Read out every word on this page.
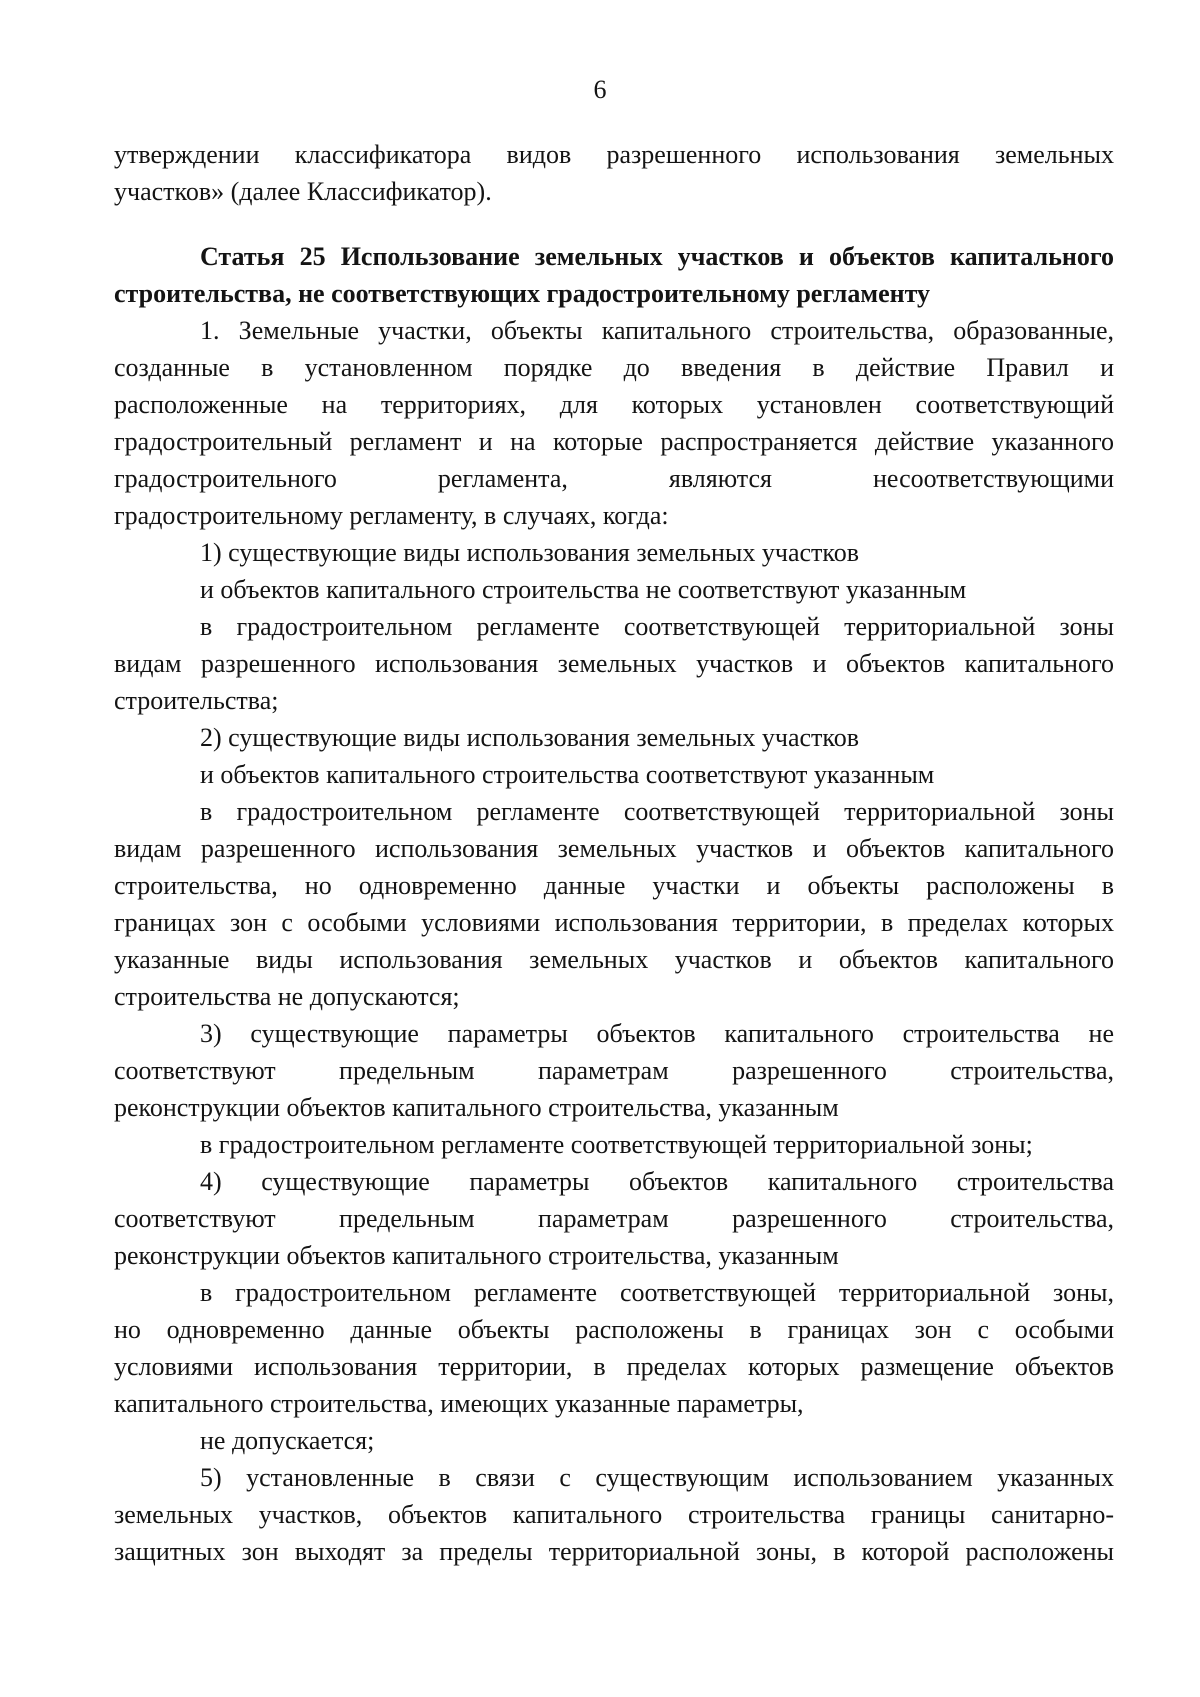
6
утверждении классификатора видов разрешенного использования земельных
участков» (далее Классификатор).
Статья 25 Использование земельных участков и объектов капитального
строительства, не соответствующих градостроительному регламенту
1. Земельные участки, объекты капитального строительства, образованные,
созданные в установленном порядке до введения в действие Правил и
расположенные на территориях, для которых установлен соответствующий
градостроительный регламент и на которые распространяется действие указанного
градостроительного регламента, являются несоответствующими
градостроительному регламенту, в случаях, когда:
1) существующие виды использования земельных участков
и объектов капитального строительства не соответствуют указанным
в градостроительном регламенте соответствующей территориальной зоны
видам разрешенного использования земельных участков и объектов капитального
строительства;
2) существующие виды использования земельных участков
и объектов капитального строительства соответствуют указанным
в градостроительном регламенте соответствующей территориальной зоны
видам разрешенного использования земельных участков и объектов капитального
строительства, но одновременно данные участки и объекты расположены в
границах зон с особыми условиями использования территории, в пределах которых
указанные виды использования земельных участков и объектов капитального
строительства не допускаются;
3) существующие параметры объектов капитального строительства не
соответствуют предельным параметрам разрешенного строительства,
реконструкции объектов капитального строительства, указанным
в градостроительном регламенте соответствующей территориальной зоны;
4) существующие параметры объектов капитального строительства
соответствуют предельным параметрам разрешенного строительства,
реконструкции объектов капитального строительства, указанным
в градостроительном регламенте соответствующей территориальной зоны,
но одновременно данные объекты расположены в границах зон с особыми
условиями использования территории, в пределах которых размещение объектов
капитального строительства, имеющих указанные параметры,
не допускается;
5) установленные в связи с существующим использованием указанных
земельных участков, объектов капитального строительства границы санитарно-
защитных зон выходят за пределы территориальной зоны, в которой расположены
